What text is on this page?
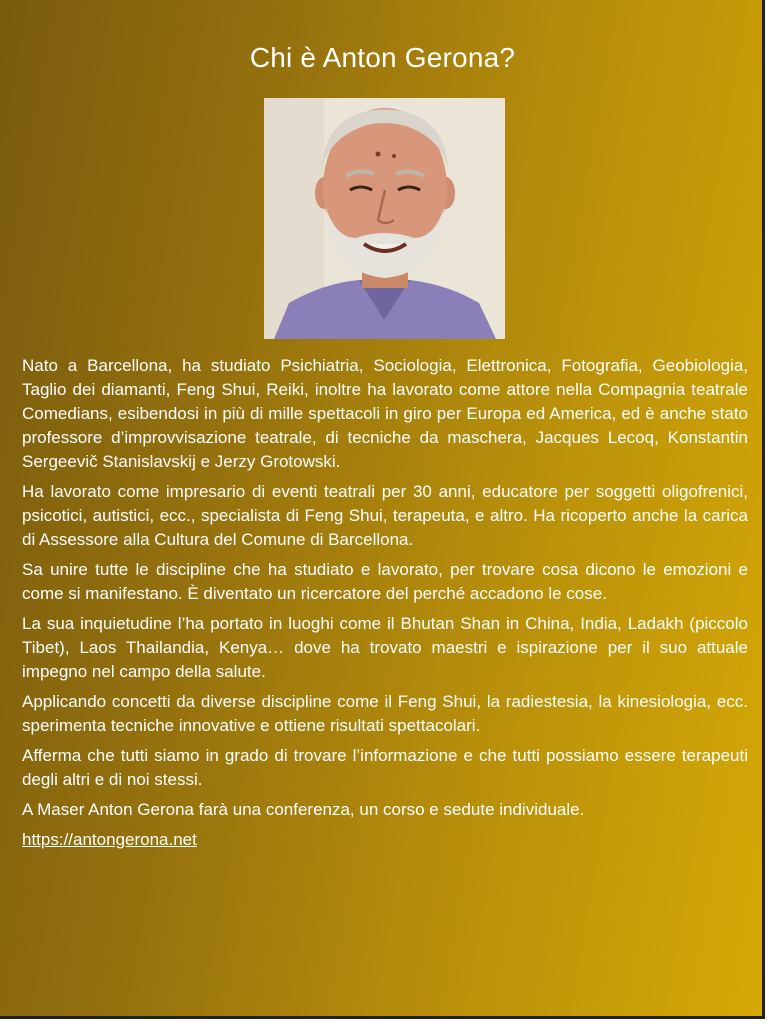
Chi è Anton Gerona?

Nato a Barcellona, ha studiato Psichiatria, Sociologia, Elettronica, Fotografia, Geobiologia, Taglio dei diamanti, Feng Shui, Reiki, inoltre ha lavorato come attore nella Compagnia teatrale Comedians, esibendosi in più di mille spettacoli in giro per Europa ed America, ed è anche stato professore d’improvvisazione teatrale, di tecniche da maschera, Jacques Lecoq, Konstantin Sergeevič Stanislavskij e Jerzy Grotowski.

Ha lavorato come impresario di eventi teatrali per 30 anni, educatore per soggetti oligofrenici, psicotici, autistici, ecc., specialista di Feng Shui, terapeuta, e altro. Ha ricoperto anche la carica di Assessore alla Cultura del Comune di Barcellona.

Sa unire tutte le discipline che ha studiato e lavorato, per trovare cosa dicono le emozioni e come si manifestano. È diventato un ricercatore del perché accadono le cose.

La sua inquietudine l’ha portato in luoghi come il Bhutan Shan in China, India, Ladakh (piccolo Tibet), Laos Thailandia, Kenya… dove ha trovato maestri e ispirazione per il suo attuale impegno nel campo della salute.

Applicando concetti da diverse discipline come il Feng Shui, la radiestesia, la kinesiologia, ecc. sperimenta tecniche innovative e ottiene risultati spettacolari.

Afferma che tutti siamo in grado di trovare l’informazione e che tutti possiamo essere terapeuti degli altri e di noi stessi.

A Maser Anton Gerona farà una conferenza, un corso e sedute individuale.

https://antongerona.net
